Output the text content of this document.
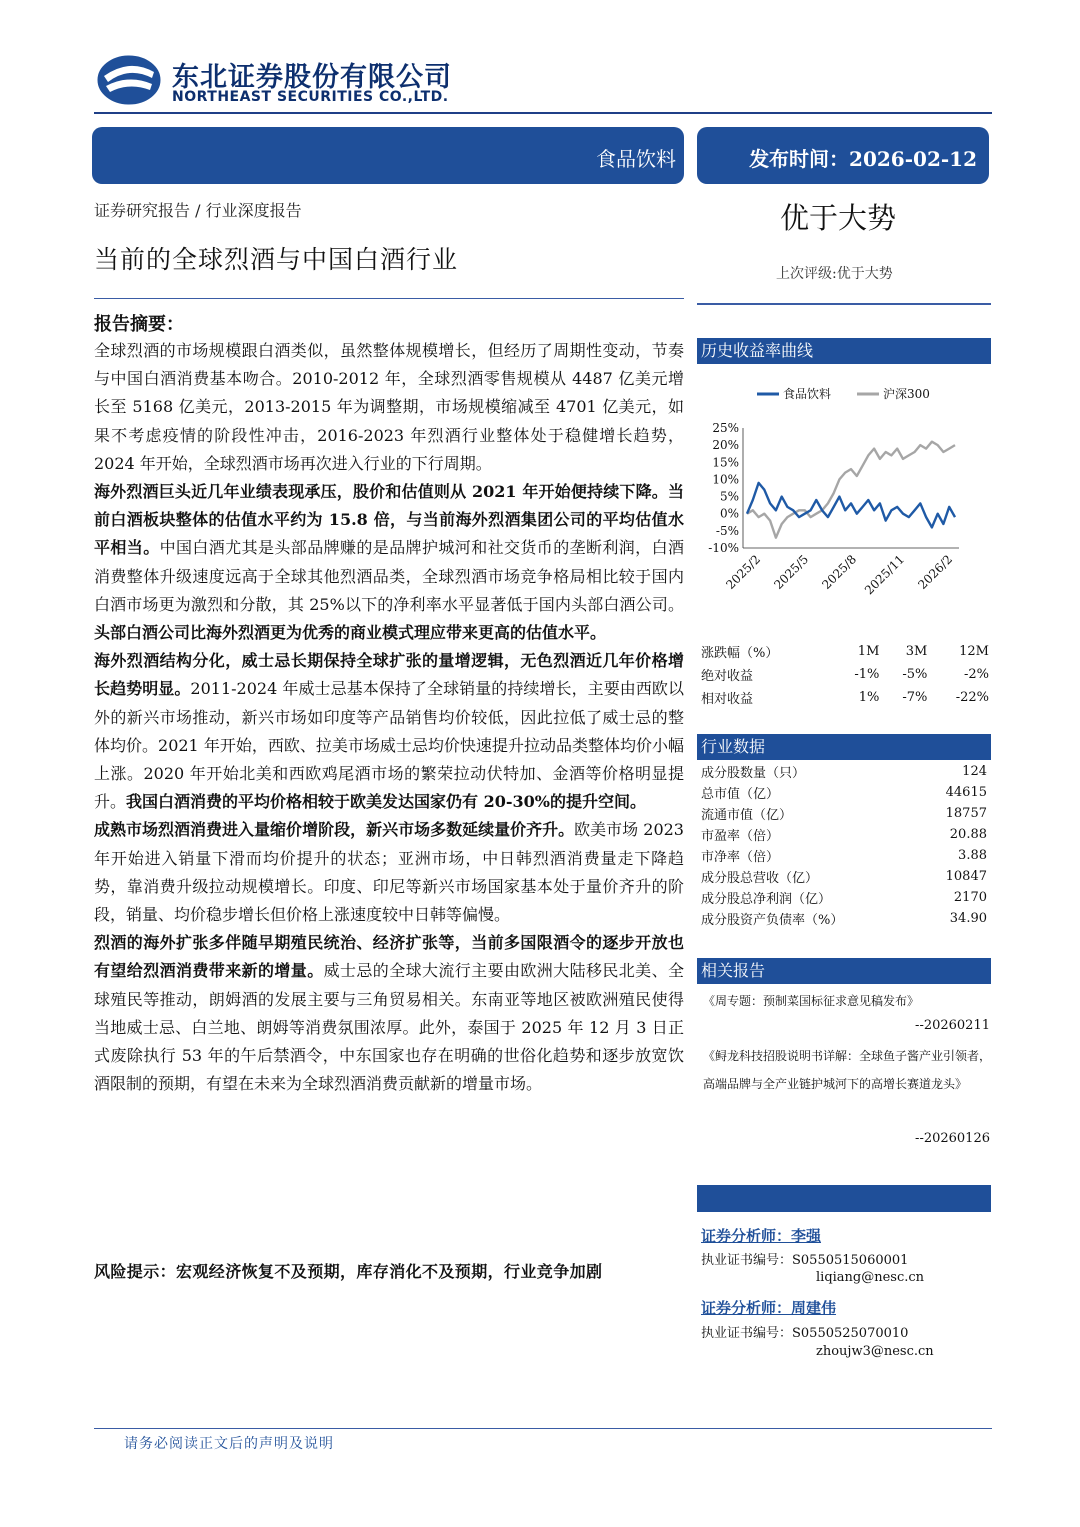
东北证券股份有限公司
NORTHEAST SECURITIES CO.,LTD.
食品饮料	发布时间：2026-02-12
证券研究报告 / 行业深度报告
当前的全球烈酒与中国白酒行业
优于大势
上次评级:优于大势
报告摘要：

全球烈酒的市场规模跟白酒类似，虽然整体规模增长，但经历了周期性变动，节奏与中国白酒消费基本吻合。2010-2012 年，全球烈酒零售规模从 4487 亿美元增长至 5168 亿美元，2013-2015 年为调整期，市场规模缩减至 4701 亿美元，如果不考虑疫情的阶段性冲击，2016-2023 年烈酒行业整体处于稳健增长趋势，2024 年开始，全球烈酒市场再次进入行业的下行周期。

海外烈酒巨头近几年业绩表现承压，股价和估值则从 2021 年开始便持续下降。当前白酒板块整体的估值水平约为 15.8 倍，与当前海外烈酒集团公司的平均估值水平相当。中国白酒尤其是头部品牌赚的是品牌护城河和社交货币的垄断利润，白酒消费整体升级速度远高于全球其他烈酒品类，全球烈酒市场竞争格局相比较于国内白酒市场更为激烈和分散，其 25%以下的净利率水平显著低于国内头部白酒公司。头部白酒公司比海外烈酒更为优秀的商业模式理应带来更高的估值水平。

海外烈酒结构分化，威士忌长期保持全球扩张的量增逻辑，无色烈酒近几年价格增长趋势明显。2011-2024 年威士忌基本保持了全球销量的持续增长，主要由西欧以外的新兴市场推动，新兴市场如印度等产品销售均价较低，因此拉低了威士忌的整体均价。2021 年开始，西欧、拉美市场威士忌均价快速提升拉动品类整体均价小幅上涨。2020 年开始北美和西欧鸡尾酒市场的繁荣拉动伏特加、金酒等价格明显提升。我国白酒消费的平均价格相较于欧美发达国家仍有 20-30%的提升空间。

成熟市场烈酒消费进入量缩价增阶段，新兴市场多数延续量价齐升。欧美市场 2023 年开始进入销量下滑而均价提升的状态；亚洲市场，中日韩烈酒消费量走下降趋势，靠消费升级拉动规模增长。印度、印尼等新兴市场国家基本处于量价齐升的阶段，销量、均价稳步增长但价格上涨速度较中日韩等偏慢。

烈酒的海外扩张多伴随早期殖民统治、经济扩张等，当前多国限酒令的逐步开放也有望给烈酒消费带来新的增量。威士忌的全球大流行主要由欧洲大陆移民北美、全球殖民等推动，朗姆酒的发展主要与三角贸易相关。东南亚等地区被欧洲殖民使得当地威士忌、白兰地、朗姆等消费氛围浓厚。此外，泰国于 2025 年 12 月 3 日正式废除执行 53 年的午后禁酒令，中东国家也存在明确的世俗化趋势和逐步放宽饮酒限制的预期，有望在未来为全球烈酒消费贡献新的增量市场。

风险提示：宏观经济恢复不及预期，库存消化不及预期，行业竞争加剧
历史收益率曲线
食品饮料	沪深300
25%
20%
15%
10%
5%
0%
-5%
-10%
2025/2 2025/5 2025/8 2025/11 2026/2
涨跌幅（%）	1M	3M	12M
绝对收益	-1%	-5%	-2%
相对收益	1%	-7%	-22%
行业数据
成分股数量（只）	124
总市值（亿）	44615
流通市值（亿）	18757
市盈率（倍）	20.88
市净率（倍）	3.88
成分股总营收（亿）	10847
成分股总净利润（亿）	2170
成分股资产负债率（%）	34.90
相关报告
《周专题：预制菜国标征求意见稿发布》
--20260211
《鲟龙科技招股说明书详解：全球鱼子酱产业引领者，高端品牌与全产业链护城河下的高增长赛道龙头》
--20260126
证券分析师：李强
执业证书编号：S0550515060001
liqiang@nesc.cn
证券分析师：周建伟
执业证书编号：S0550525070010
zhoujw3@nesc.cn
请务必阅读正文后的声明及说明
